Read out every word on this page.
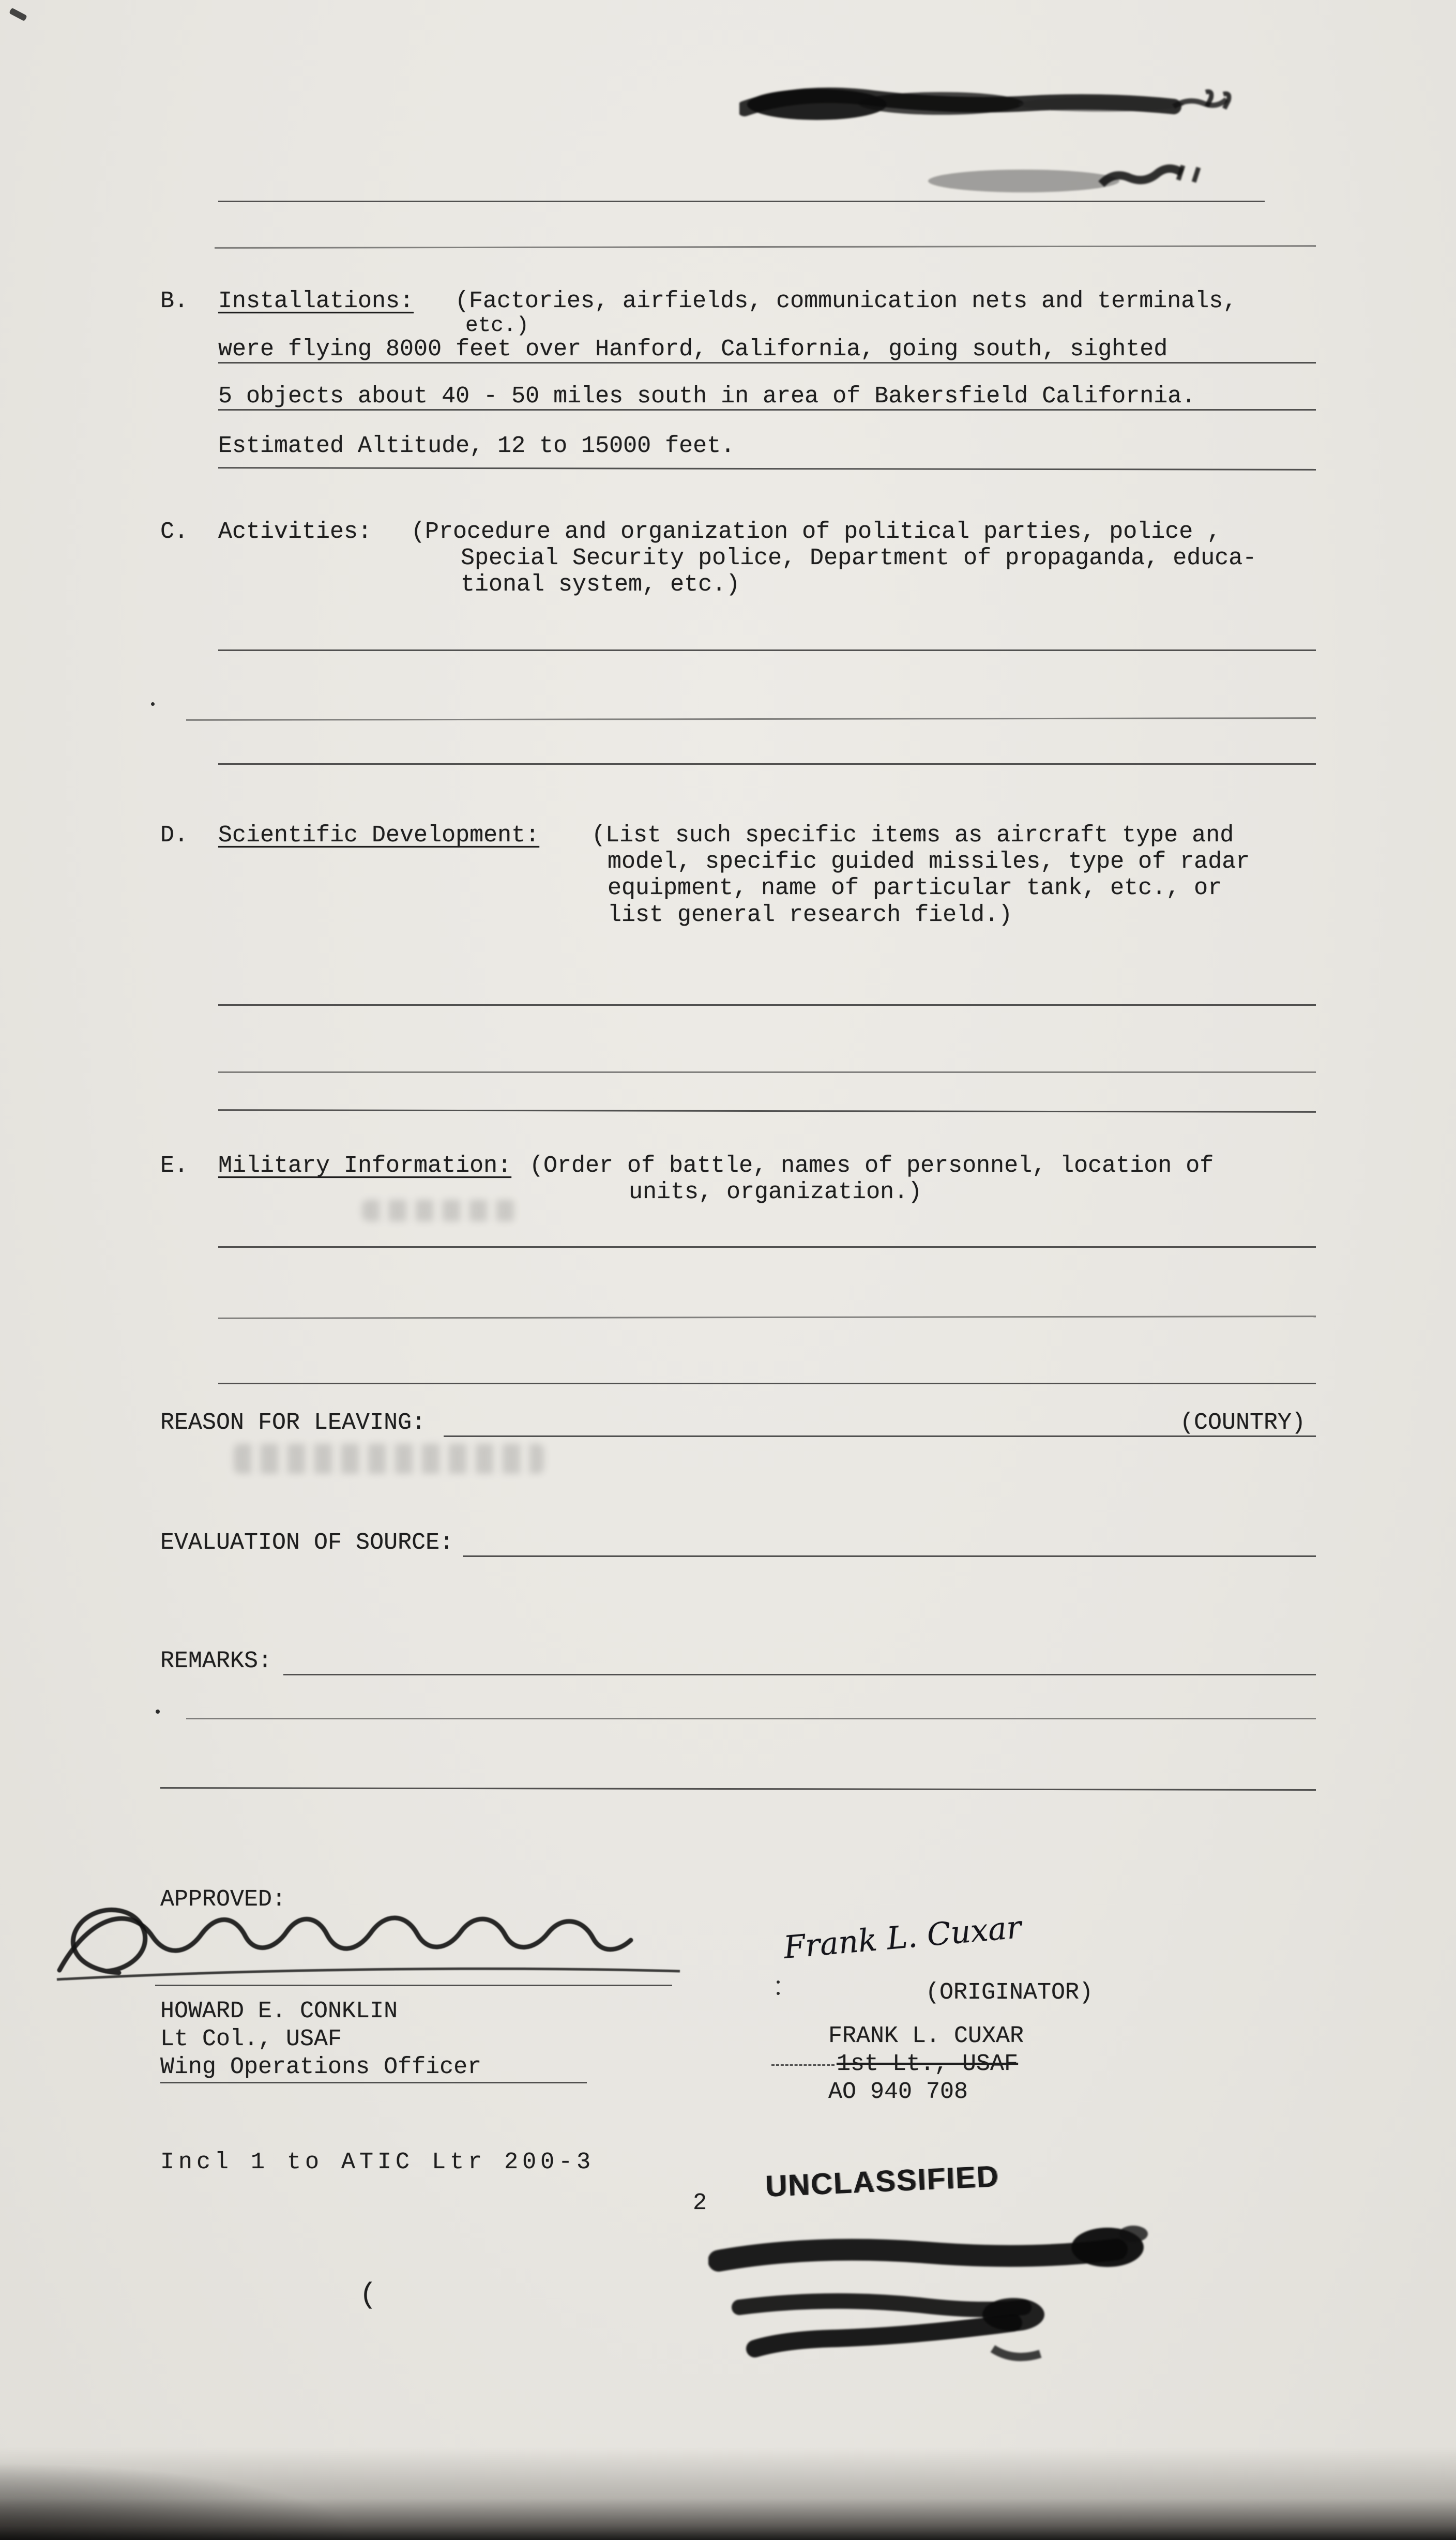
B. Installations: (Factories, airfields, communication nets and terminals,
etc.)
were flying 8000 feet over Hanford, California, going south, sighted
5 objects about 40 - 50 miles south in area of Bakersfield California.
Estimated Altitude, 12 to 15000 feet.
C. Activities: (Procedure and organization of political parties, police ,
Special Security police, Department of propaganda, educa-
tional system, etc.)
D. Scientific Development: (List such specific items as aircraft type and
model, specific guided missiles, type of radar
equipment, name of particular tank, etc., or
list general research field.)
E. Military Information: (Order of battle, names of personnel, location of
units, organization.)
REASON FOR LEAVING:	(COUNTRY)
EVALUATION OF SOURCE:
REMARKS:
APPROVED:
HOWARD E. CONKLIN
Lt Col., USAF
Wing Operations Officer
Frank L. Cuxar
(ORIGINATOR)
FRANK L. CUXAR
1st Lt., USAF
AO 940 708
Incl 1 to ATIC Ltr 200-3
2 UNCLASSIFIED
(
